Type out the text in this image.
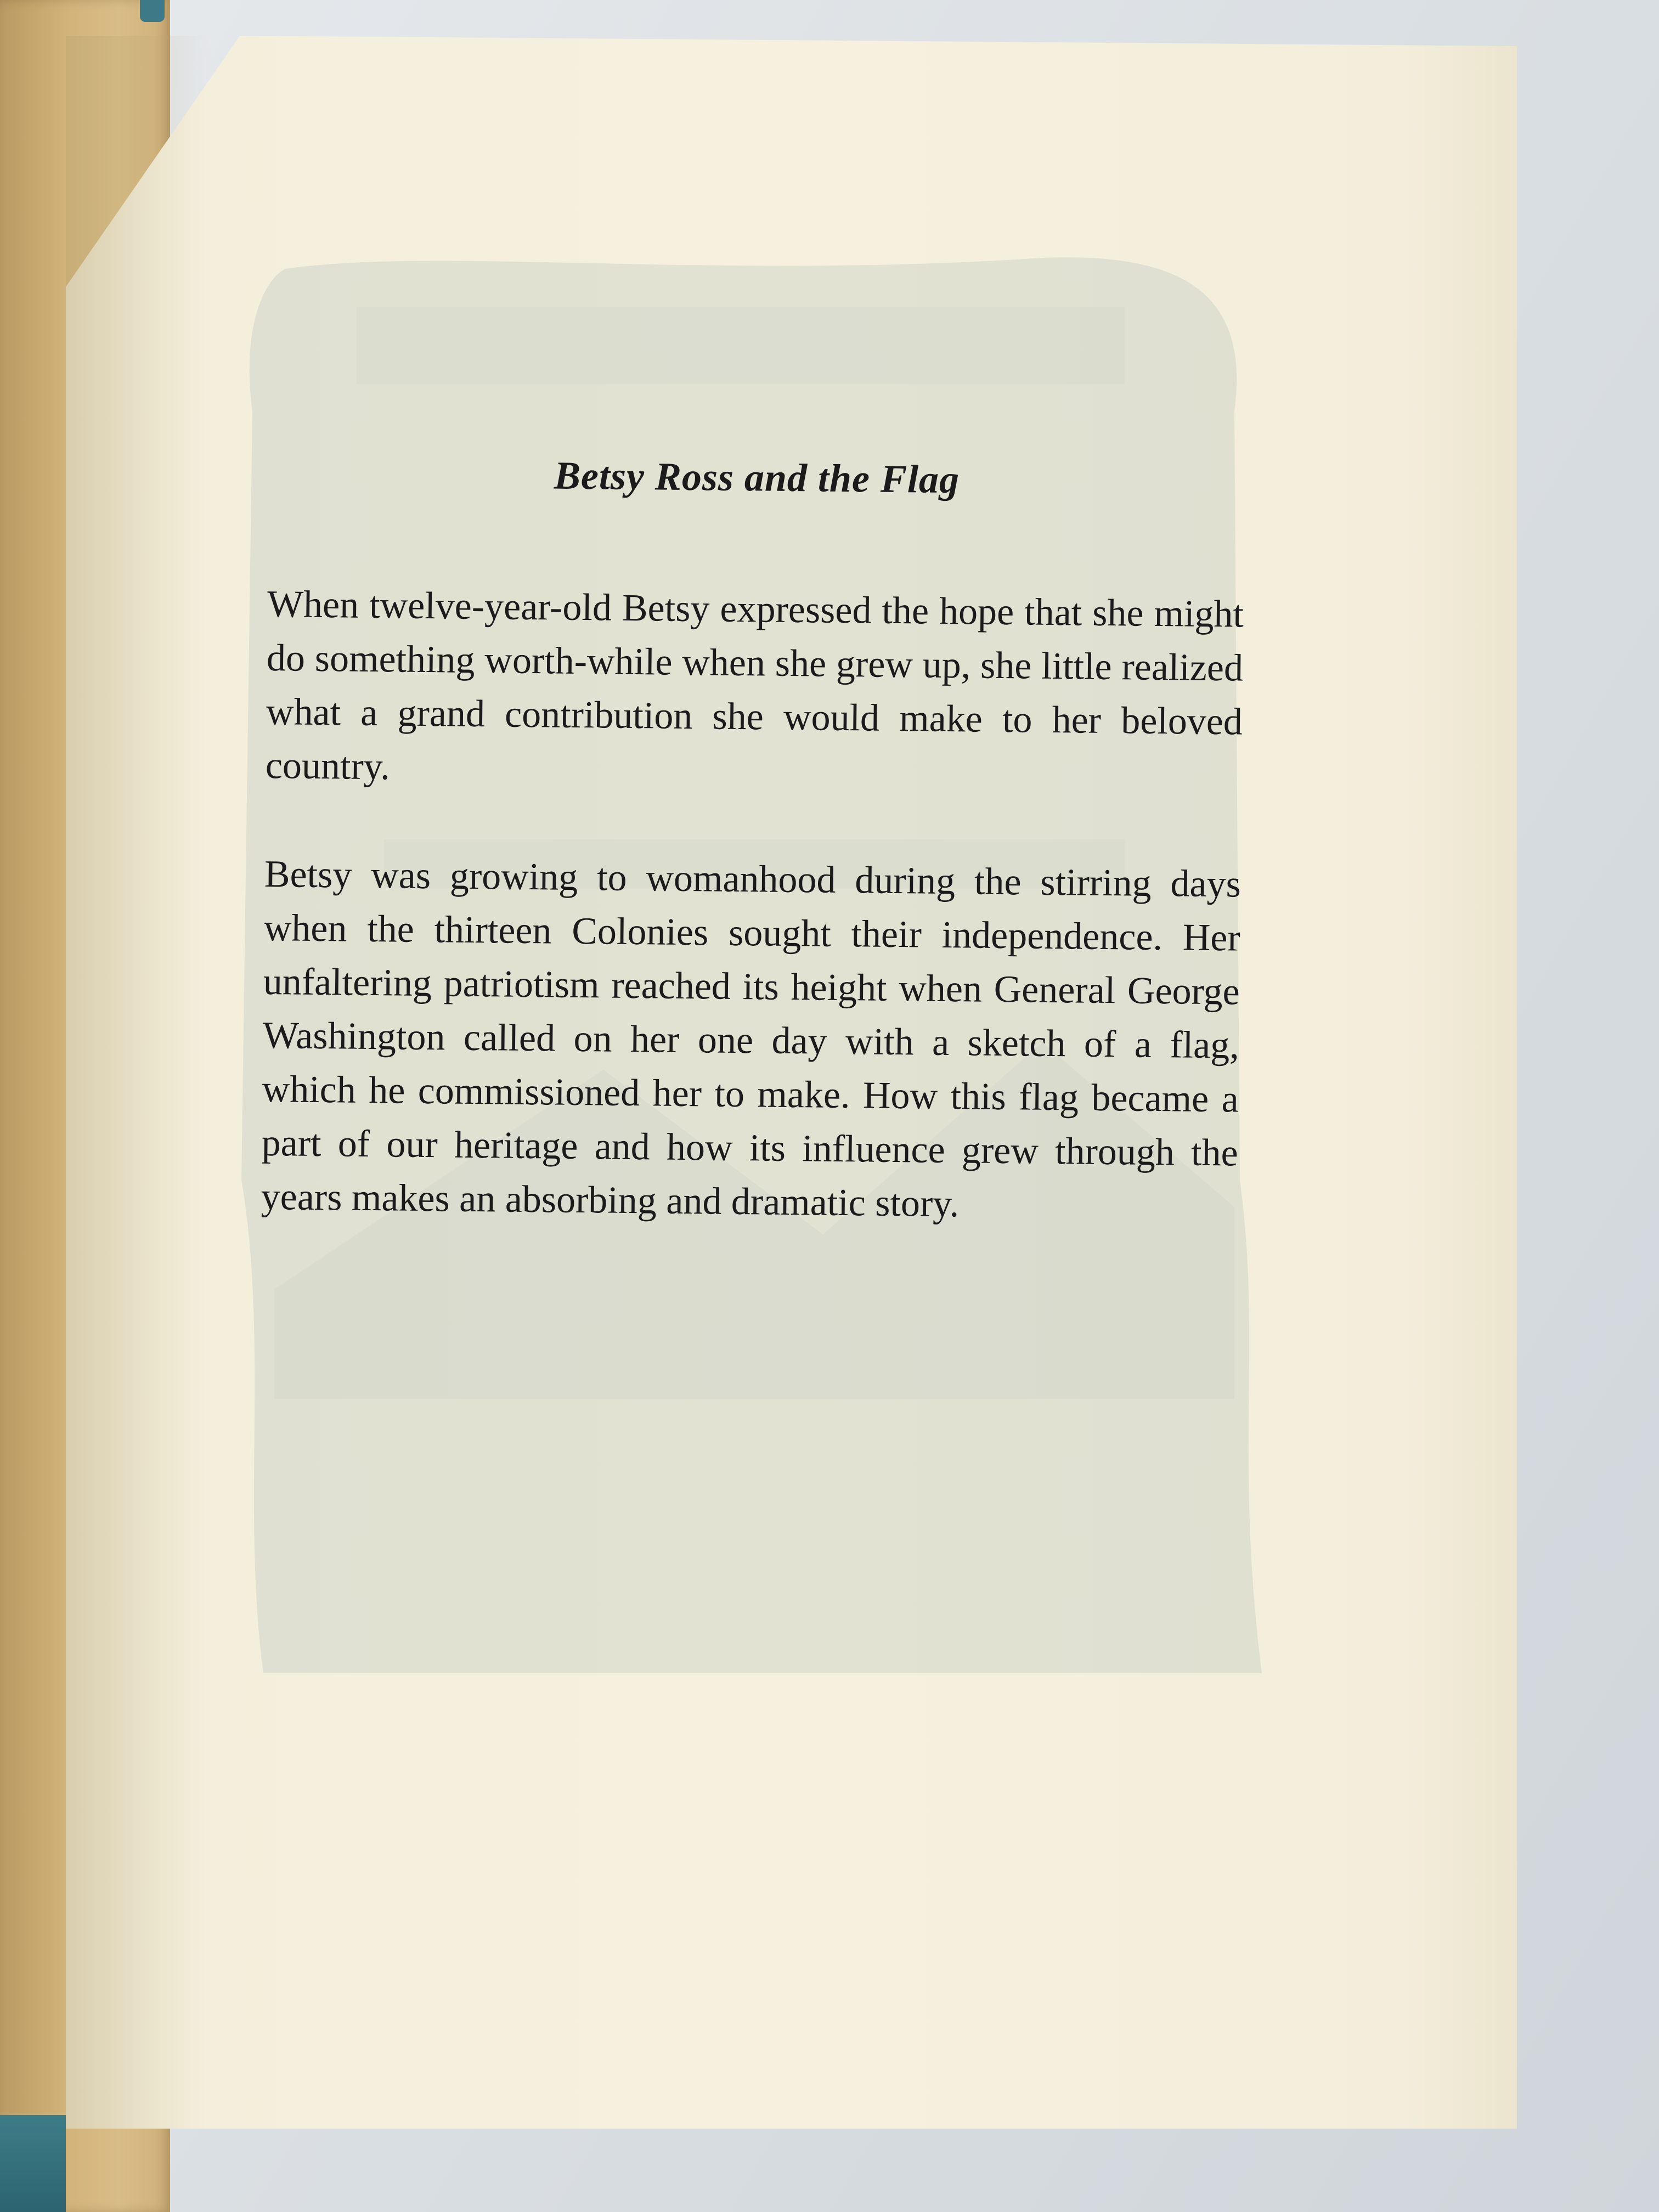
Betsy Ross and the Flag

When twelve-year-old Betsy expressed the hope that she might do something worth-while when she grew up, she little realized what a grand contribution she would make to her beloved country.

Betsy was growing to womanhood during the stirring days when the thirteen Colonies sought their independence. Her unfaltering patriotism reached its height when General George Washington called on her one day with a sketch of a flag, which he commissioned her to make. How this flag became a part of our heritage and how its influence grew through the years makes an absorbing and dramatic story.
